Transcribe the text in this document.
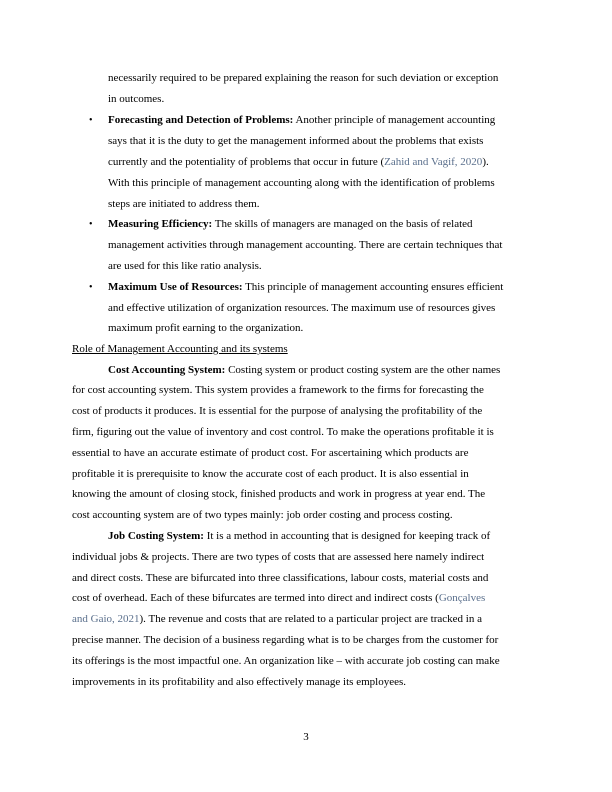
necessarily required to be prepared explaining the reason for such deviation or exception
in outcomes.
• Forecasting and Detection of Problems: Another principle of management accounting
says that it is the duty to get the management informed about the problems that exists
currently and the potentiality of problems that occur in future (Zahid and Vagif, 2020).
With this principle of management accounting along with the identification of problems
steps are initiated to address them.
• Measuring Efficiency: The skills of managers are managed on the basis of related
management activities through management accounting. There are certain techniques that
are used for this like ratio analysis.
• Maximum Use of Resources: This principle of management accounting ensures efficient
and effective utilization of organization resources. The maximum use of resources gives
maximum profit earning to the organization.
Role of Management Accounting and its systems
Cost Accounting System: Costing system or product costing system are the other names
for cost accounting system. This system provides a framework to the firms for forecasting the
cost of products it produces. It is essential for the purpose of analysing the profitability of the
firm, figuring out the value of inventory and cost control. To make the operations profitable it is
essential to have an accurate estimate of product cost. For ascertaining which products are
profitable it is prerequisite to know the accurate cost of each product. It is also essential in
knowing the amount of closing stock, finished products and work in progress at year end. The
cost accounting system are of two types mainly: job order costing and process costing.
Job Costing System: It is a method in accounting that is designed for keeping track of
individual jobs & projects. There are two types of costs that are assessed here namely indirect
and direct costs. These are bifurcated into three classifications, labour costs, material costs and
cost of overhead. Each of these bifurcates are termed into direct and indirect costs (Gonçalves
and Gaio, 2021). The revenue and costs that are related to a particular project are tracked in a
precise manner. The decision of a business regarding what is to be charges from the customer for
its offerings is the most impactful one. An organization like – with accurate job costing can make
improvements in its profitability and also effectively manage its employees.
3
